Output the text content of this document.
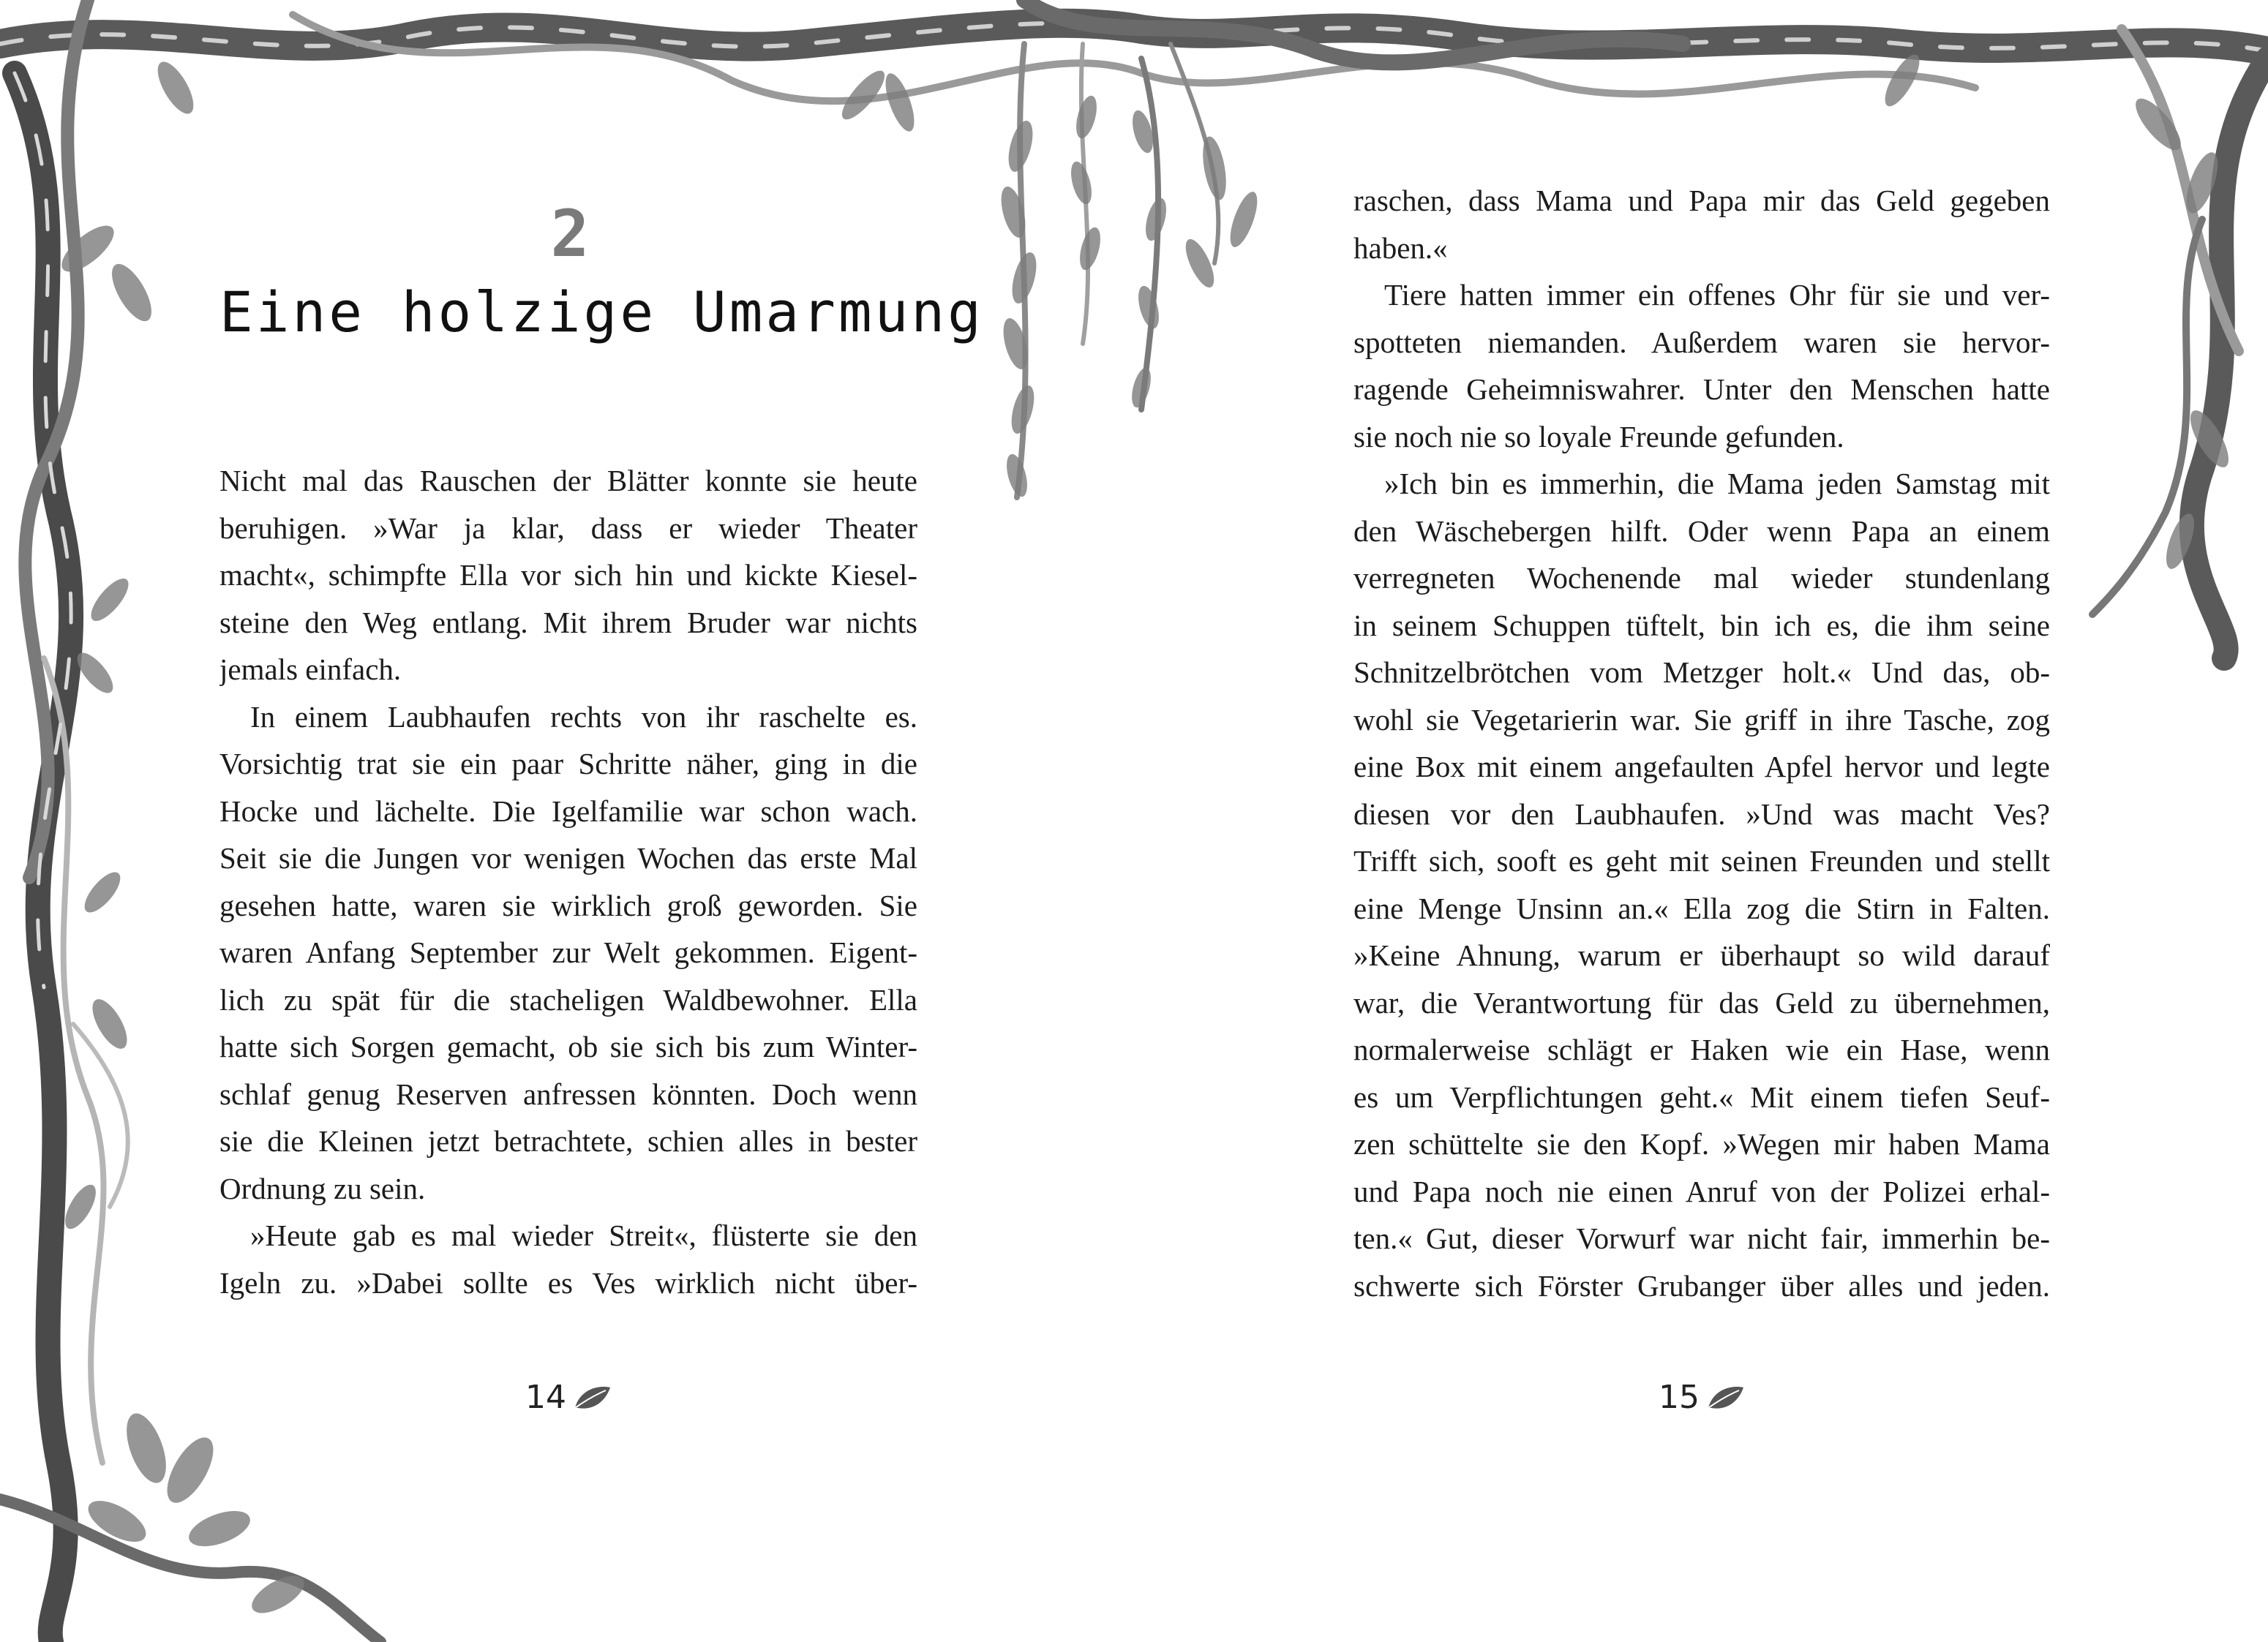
2
Eine holzige Umarmung
Nicht mal das Rauschen der Blätter konnte sie heute
beruhigen. »War ja klar, dass er wieder Theater
macht«, schimpfte Ella vor sich hin und kickte Kiesel-
steine den Weg entlang. Mit ihrem Bruder war nichts
jemals einfach.
In einem Laubhaufen rechts von ihr raschelte es.
Vorsichtig trat sie ein paar Schritte näher, ging in die
Hocke und lächelte. Die Igelfamilie war schon wach.
Seit sie die Jungen vor wenigen Wochen das erste Mal
gesehen hatte, waren sie wirklich groß geworden. Sie
waren Anfang September zur Welt gekommen. Eigent-
lich zu spät für die stacheligen Waldbewohner. Ella
hatte sich Sorgen gemacht, ob sie sich bis zum Winter-
schlaf genug Reserven anfressen könnten. Doch wenn
sie die Kleinen jetzt betrachtete, schien alles in bester
Ordnung zu sein.
»Heute gab es mal wieder Streit«, flüsterte sie den
Igeln zu. »Dabei sollte es Ves wirklich nicht über-
raschen, dass Mama und Papa mir das Geld gegeben
haben.«
Tiere hatten immer ein offenes Ohr für sie und ver-
spotteten niemanden. Außerdem waren sie hervor-
ragende Geheimniswahrer. Unter den Menschen hatte
sie noch nie so loyale Freunde gefunden.
»Ich bin es immerhin, die Mama jeden Samstag mit
den Wäschebergen hilft. Oder wenn Papa an einem
verregneten Wochenende mal wieder stundenlang
in seinem Schuppen tüftelt, bin ich es, die ihm seine
Schnitzelbrötchen vom Metzger holt.« Und das, ob-
wohl sie Vegetarierin war. Sie griff in ihre Tasche, zog
eine Box mit einem angefaulten Apfel hervor und legte
diesen vor den Laubhaufen. »Und was macht Ves?
Trifft sich, sooft es geht mit seinen Freunden und stellt
eine Menge Unsinn an.« Ella zog die Stirn in Falten.
»Keine Ahnung, warum er überhaupt so wild darauf
war, die Verantwortung für das Geld zu übernehmen,
normalerweise schlägt er Haken wie ein Hase, wenn
es um Verpflichtungen geht.« Mit einem tiefen Seuf-
zen schüttelte sie den Kopf. »Wegen mir haben Mama
und Papa noch nie einen Anruf von der Polizei erhal-
ten.« Gut, dieser Vorwurf war nicht fair, immerhin be-
schwerte sich Förster Grubanger über alles und jeden.
14	15
